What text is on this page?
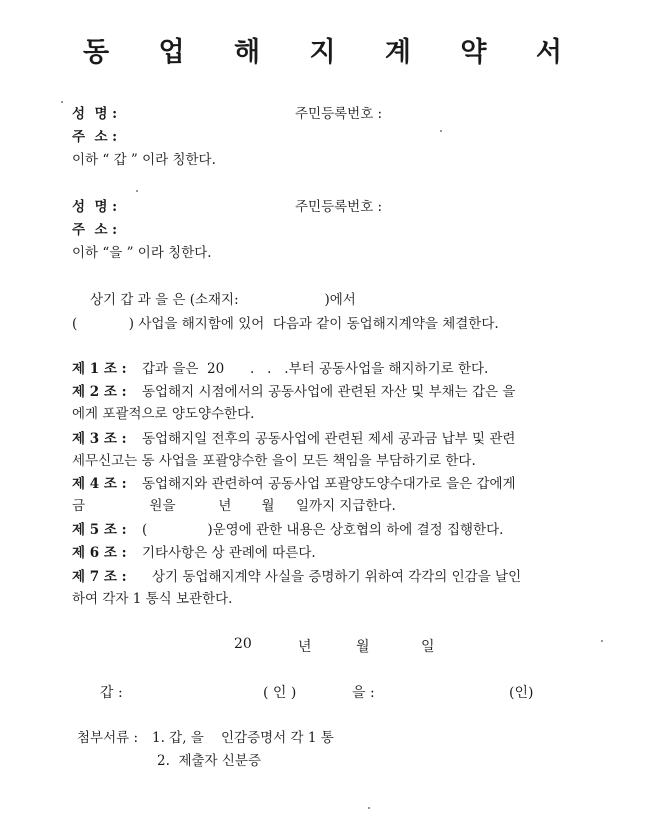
동 업 해 지 계 약 서
성  명 :	주민등록번호 :
주  소 :
이하 “ 갑 ” 이라 칭한다.
성  명 :	주민등록번호 :
주  소 :
이하 “을 ” 이라 칭한다.
상기 갑 과 을 은 (소재지:                    )에서
(            ) 사업을 해지함에 있어  다음과 같이 동업해지계약을 체결한다.
제 1 조 : 갑과 을은  20      .   .   .부터 공동사업을 해지하기로 한다.
제 2 조 : 동업해지 시점에서의 공동사업에 관련된 자산 및 부채는 갑은 을
에게 포괄적으로 양도양수한다.
제 3 조 : 동업해지일 전후의 공동사업에 관련된 제세 공과금 납부 및 관련
세무신고는 동 사업을 포괄양수한 을이 모든 책임을 부담하기로 한다.
제 4 조 : 동업해지와 관련하여 공동사업 포괄양도양수대가로 을은 갑에게
금               원을          년       월     일까지 지급한다.
제 5 조 : (              )운영에 관한 내용은 상호협의 하에 결정 집행한다.
제 6 조 : 기타사항은 상 관례에 따른다.
제 7 조 : 상기 동업해지계약 사실을 증명하기 위하여 각각의 인감을 날인
하여 각자 1 통식 보관한다.
20	년	월	일
갑 :	( 인 )	을 :	(인)
첨부서류 : 1. 갑, 을    인감증명서 각 1 통
2.  제출자 신분증
